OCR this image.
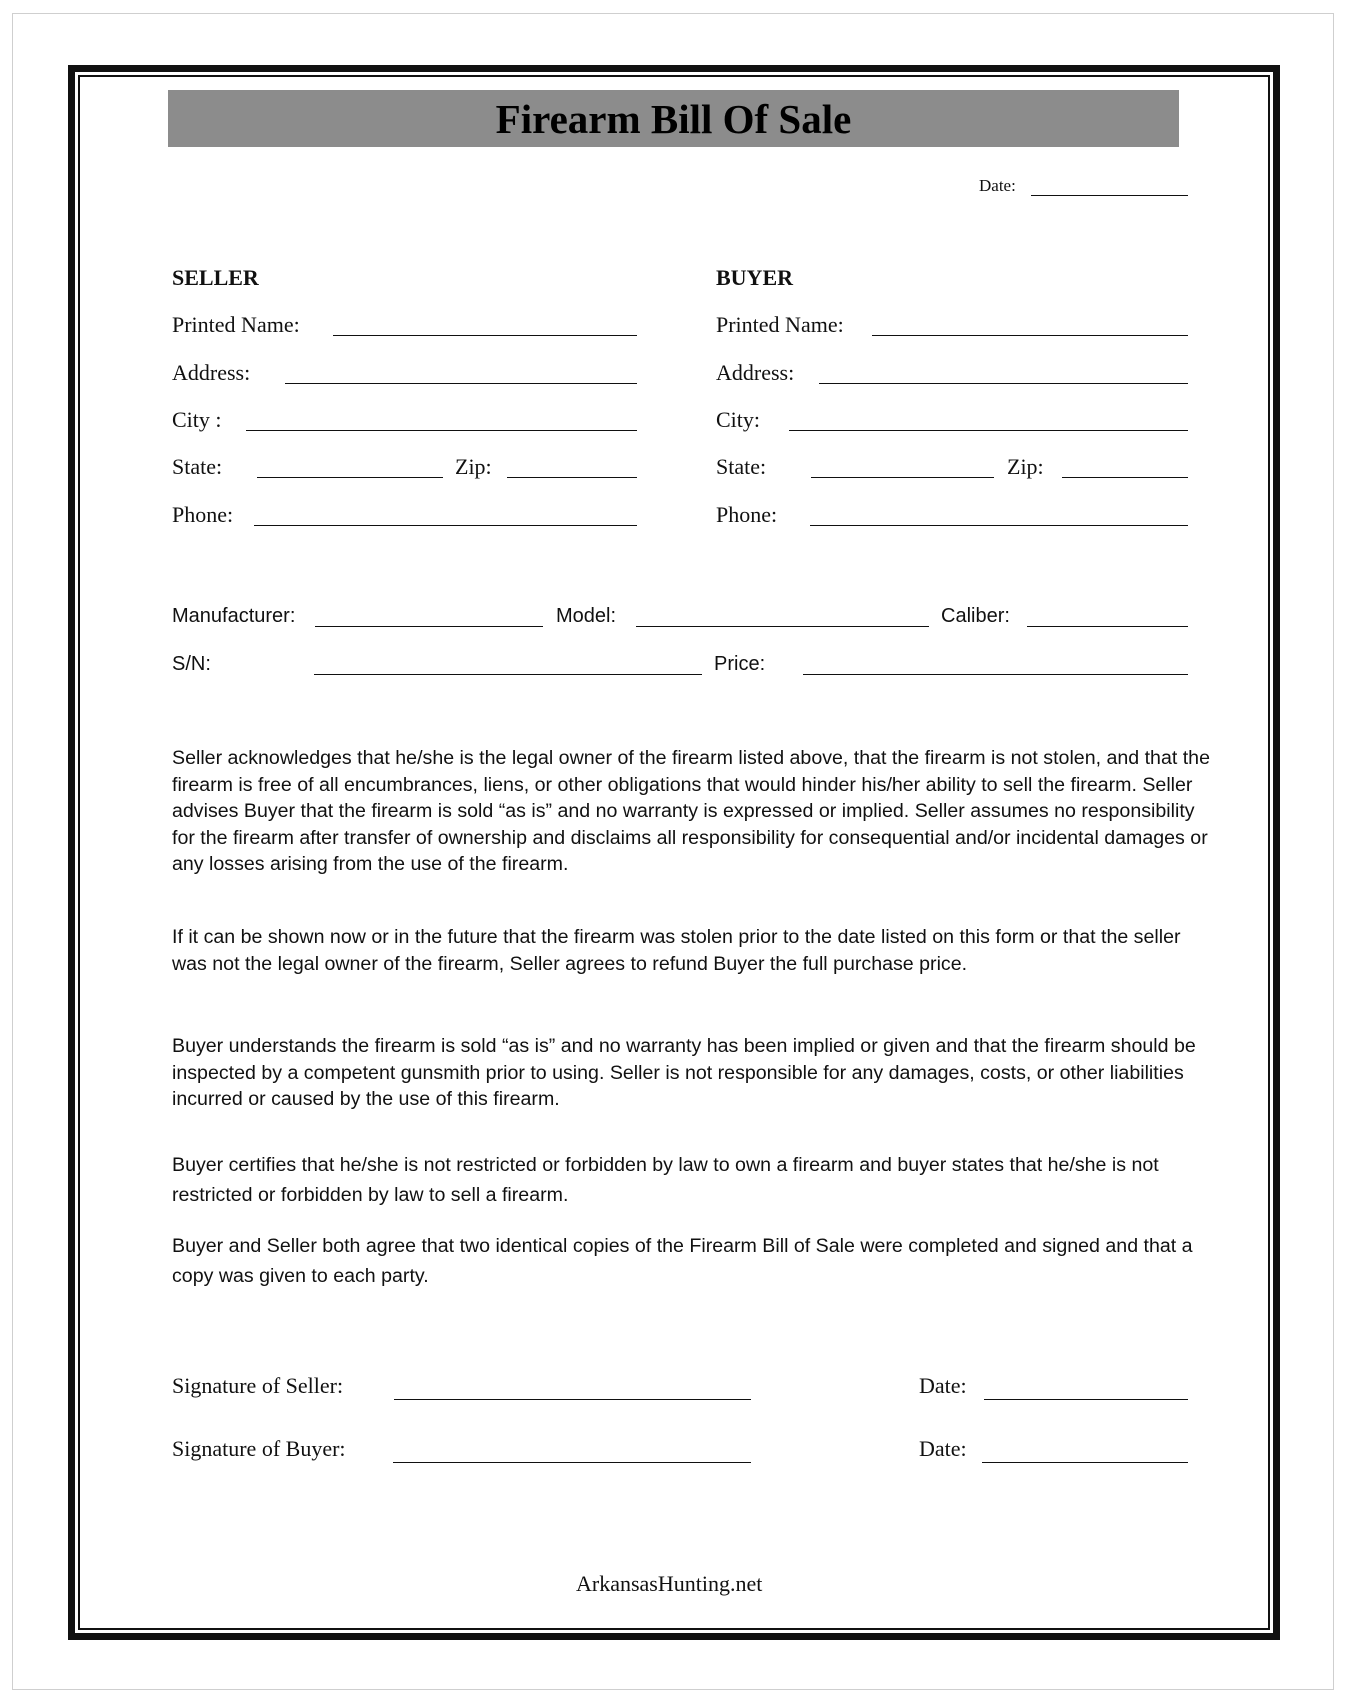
Firearm Bill Of Sale
Date:
SELLER
Printed Name:
Address:
City :
State:	Zip:
Phone:
BUYER
Printed Name:
Address:
City:
State:	Zip:
Phone:
Manufacturer:	Model:	Caliber:
S/N:	Price:

Seller acknowledges that he/she is the legal owner of the firearm listed above, that the firearm is not stolen, and that the firearm is free of all encumbrances, liens, or other obligations that would hinder his/her ability to sell the firearm. Seller advises Buyer that the firearm is sold “as is” and no warranty is expressed or implied. Seller assumes no responsibility for the firearm after transfer of ownership and disclaims all responsibility for consequential and/or incidental damages or any losses arising from the use of the firearm.

If it can be shown now or in the future that the firearm was stolen prior to the date listed on this form or that the seller was not the legal owner of the firearm, Seller agrees to refund Buyer the full purchase price.

Buyer understands the firearm is sold “as is” and no warranty has been implied or given and that the firearm should be inspected by a competent gunsmith prior to using. Seller is not responsible for any damages, costs, or other liabilities incurred or caused by the use of this firearm.

Buyer certifies that he/she is not restricted or forbidden by law to own a firearm and buyer states that he/she is not restricted or forbidden by law to sell a firearm.

Buyer and Seller both agree that two identical copies of the Firearm Bill of Sale were completed and signed and that a copy was given to each party.

Signature of Seller:	Date:
Signature of Buyer:	Date:
ArkansasHunting.net
